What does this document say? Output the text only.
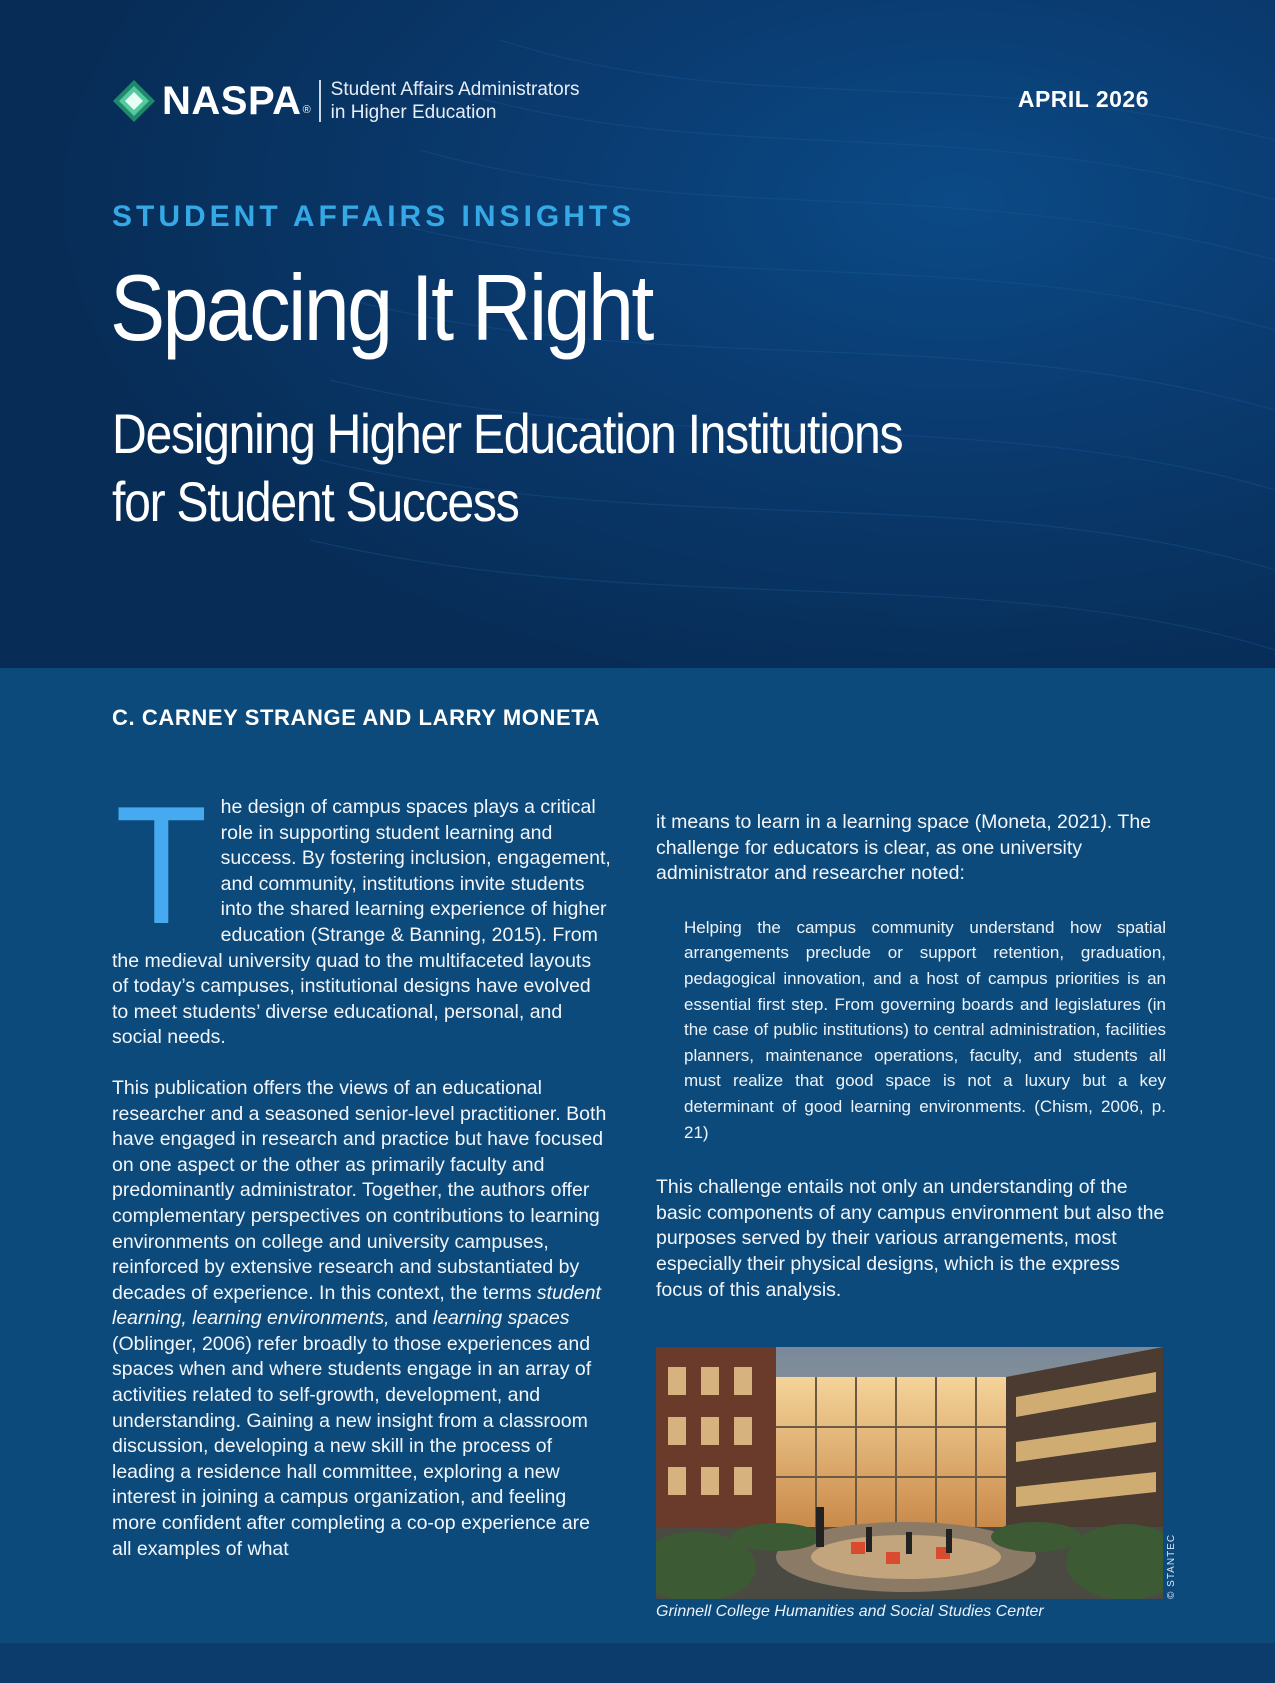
NASPA ®
Student Affairs Administrators
in Higher Education
APRIL 2026
STUDENT AFFAIRS INSIGHTS
Spacing It Right
Designing Higher Education Institutions
for Student Success
C. CARNEY STRANGE AND LARRY MONETA

The design of campus spaces plays a critical role in supporting student learning and success. By fostering inclusion, engagement, and community, institutions invite students into the shared learning experience of higher education (Strange & Banning, 2015). From the medieval university quad to the multifaceted layouts of today’s campuses, institutional designs have evolved to meet students’ diverse educational, personal, and social needs.

This publication offers the views of an educational researcher and a seasoned senior-level practitioner. Both have engaged in research and practice but have focused on one aspect or the other as primarily faculty and predominantly administrator. Together, the authors offer complementary perspectives on contributions to learning environments on college and university campuses, reinforced by extensive research and substantiated by decades of experience. In this context, the terms student learning, learning environments, and learning spaces (Oblinger, 2006) refer broadly to those experiences and spaces when and where students engage in an array of activities related to self-growth, development, and understanding. Gaining a new insight from a classroom discussion, developing a new skill in the process of leading a residence hall committee, exploring a new interest in joining a campus organization, and feeling more confident after completing a co-op experience are all examples of what

it means to learn in a learning space (Moneta, 2021). The challenge for educators is clear, as one university administrator and researcher noted:

Helping the campus community understand how spatial arrangements preclude or support retention, graduation, pedagogical innovation, and a host of campus priorities is an essential first step. From governing boards and legislatures (in the case of public institutions) to central administration, facilities planners, maintenance operations, faculty, and students all must realize that good space is not a luxury but a key determinant of good learning environments. (Chism, 2006, p. 21)

This challenge entails not only an understanding of the basic components of any campus environment but also the purposes served by their various arrangements, most especially their physical designs, which is the express focus of this analysis.

Grinnell College Humanities and Social Studies Center
© STANTEC
